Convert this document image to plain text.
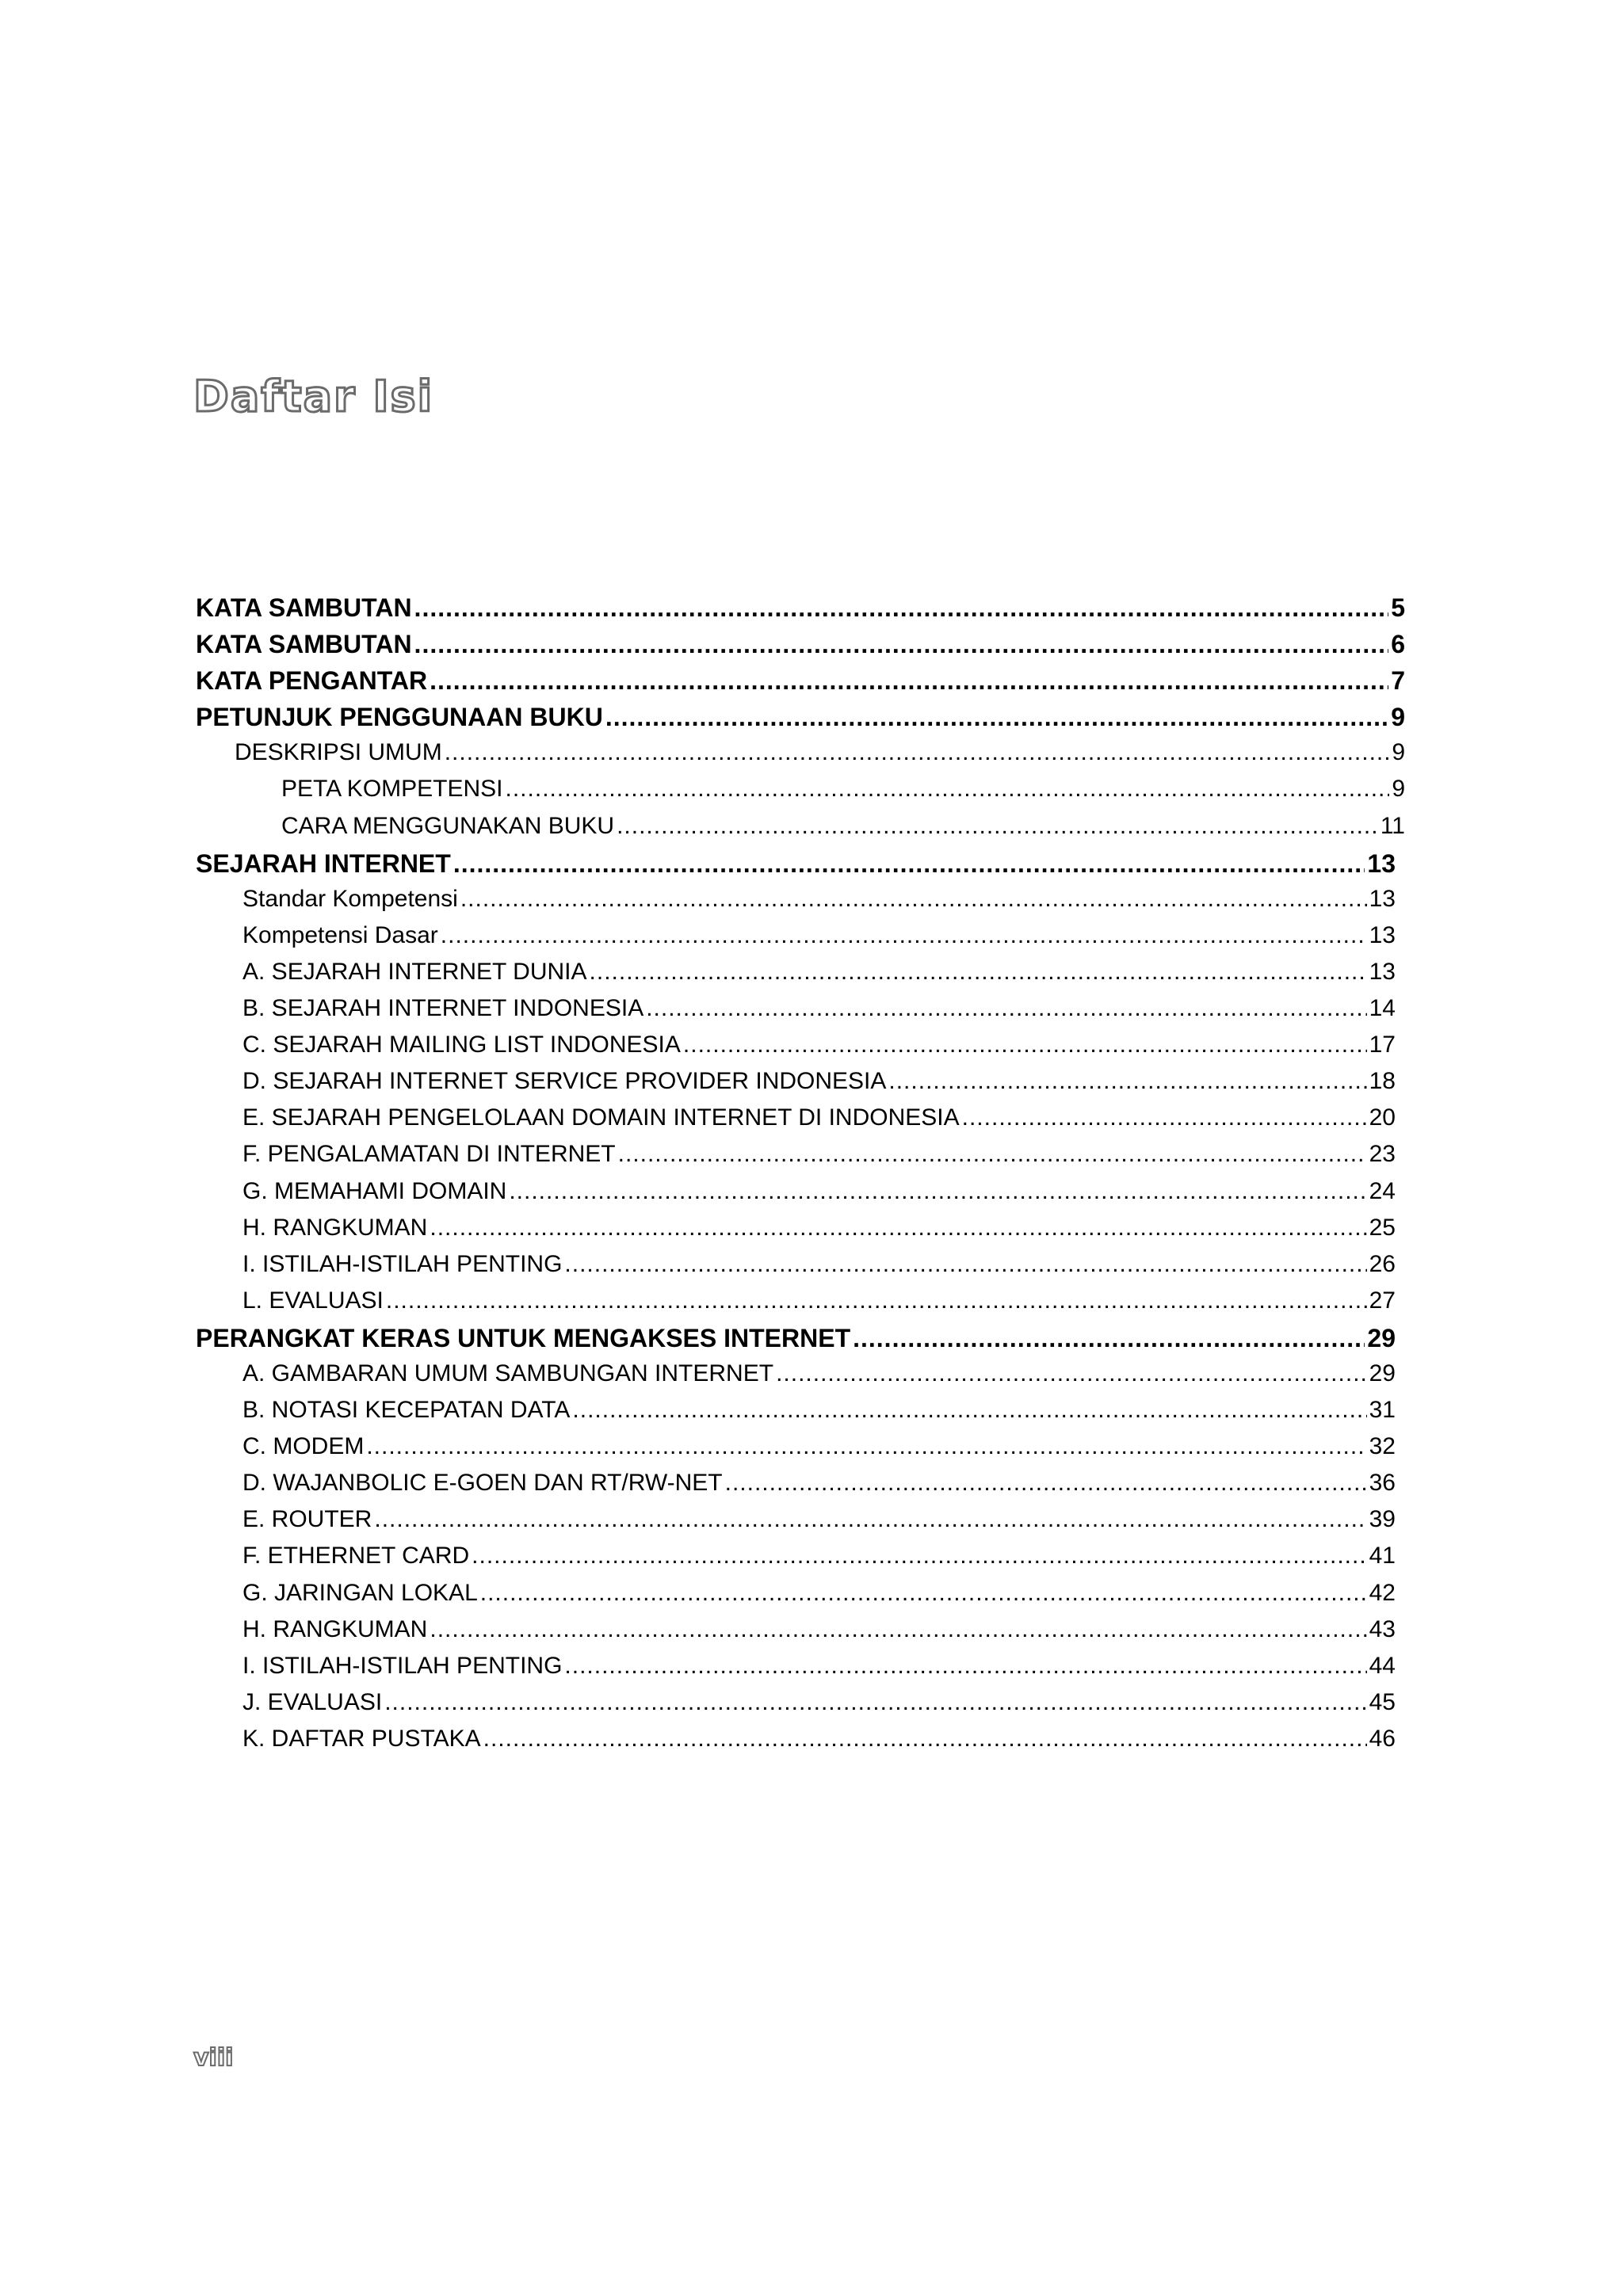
Daftar Isi
KATA SAMBUTAN .....	5
KATA SAMBUTAN .....	6
KATA PENGANTAR .....	7
PETUNJUK PENGGUNAAN BUKU .....	9
DESKRIPSI UMUM .....	9
PETA KOMPETENSI .....	9
CARA MENGGUNAKAN BUKU .....	11
SEJARAH INTERNET .....	13
Standar Kompetensi .....	13
Kompetensi Dasar .....	13
A. SEJARAH INTERNET DUNIA .....	13
B. SEJARAH INTERNET INDONESIA .....	14
C. SEJARAH MAILING LIST INDONESIA .....	17
D. SEJARAH INTERNET SERVICE PROVIDER INDONESIA .....	18
E. SEJARAH PENGELOLAAN DOMAIN INTERNET DI INDONESIA .....	20
F. PENGALAMATAN DI INTERNET .....	23
G. MEMAHAMI DOMAIN .....	24
H. RANGKUMAN .....	25
I. ISTILAH-ISTILAH PENTING .....	26
L. EVALUASI .....	27
PERANGKAT KERAS UNTUK MENGAKSES INTERNET .....	29
A. GAMBARAN UMUM SAMBUNGAN INTERNET .....	29
B. NOTASI KECEPATAN DATA .....	31
C. MODEM .....	32
D. WAJANBOLIC E-GOEN DAN RT/RW-NET .....	36
E. ROUTER .....	39
F. ETHERNET CARD .....	41
G. JARINGAN LOKAL .....	42
H. RANGKUMAN .....	43
I. ISTILAH-ISTILAH PENTING .....	44
J. EVALUASI .....	45
K. DAFTAR PUSTAKA .....	46

viii
